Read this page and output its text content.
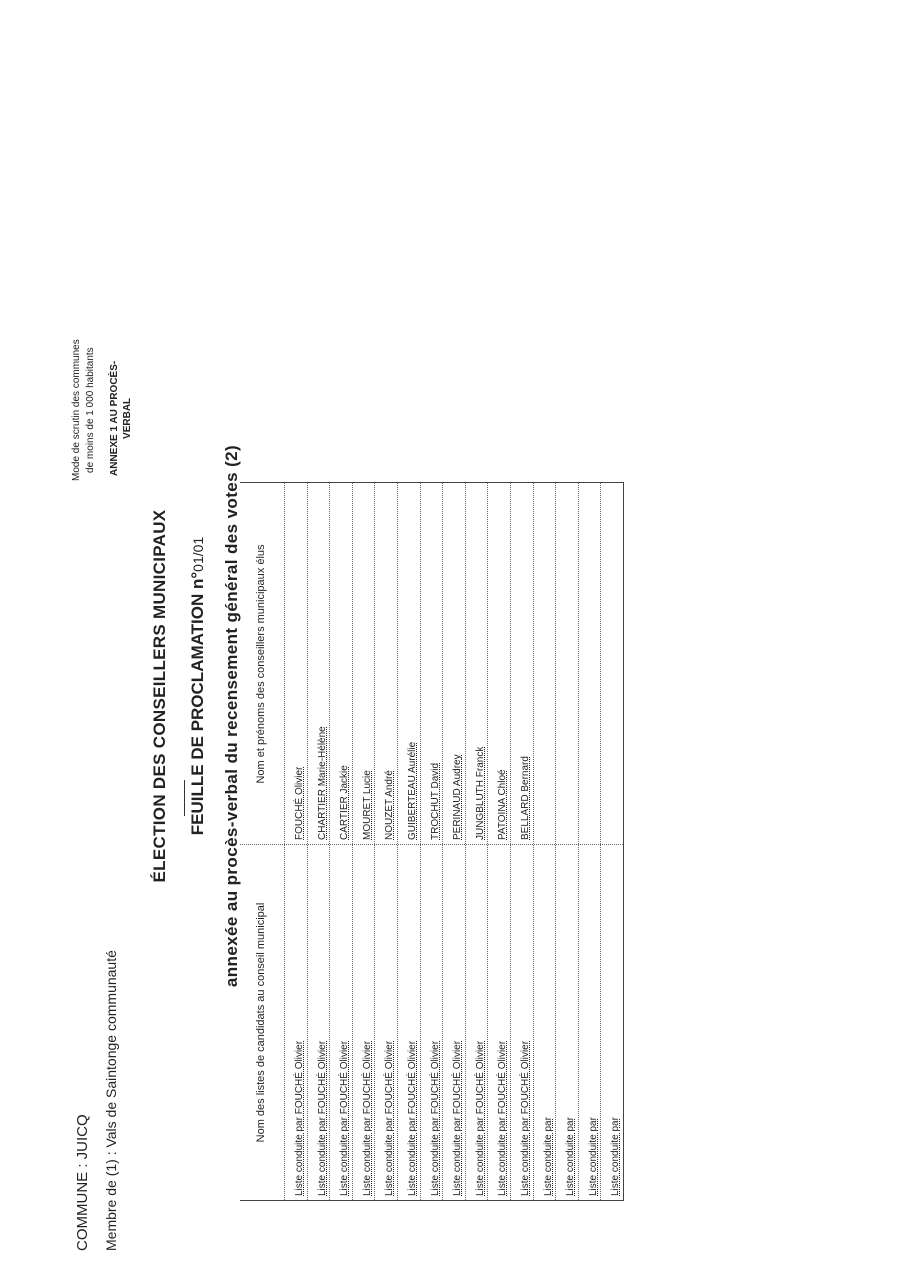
COMMUNE : JUICQ Membre de (1) : Vals de Saintonge communauté
Mode de scrutin des communes de moins de 1 000 habitants ANNEXE 1 AU PROCÈS- VERBAL
ÉLECTION DES CONSEILLERS MUNICIPAUX FEUILLE DE PROCLAMATION n°01/01 annexée au procès-verbal du recensement général des votes (2)
Nom des listes de candidats au conseil municipal
Nom et prénoms des conseillers municipaux élus
Liste conduite par FOUCHÉ Olivier
FOUCHÉ Olivier
Liste conduite par FOUCHÉ Olivier
CHARTIER Marie-Hélène
Liste conduite par FOUCHÉ Olivier
CARTIER Jackie
Liste conduite par FOUCHÉ Olivier
MOURET Lucie
Liste conduite par FOUCHÉ Olivier
NOUZET André
Liste conduite par FOUCHÉ Olivier
GUIBERTEAU Aurélie
Liste conduite par FOUCHÉ Olivier
TROCHUT David
Liste conduite par FOUCHÉ Olivier
PERINAUD Audrey
Liste conduite par FOUCHÉ Olivier
JUNGBLUTH Franck
Liste conduite par FOUCHÉ Olivier
PATOINA Chloé
Liste conduite par FOUCHÉ Olivier
BELLARD Bernard
Liste conduite par Liste conduite par Liste conduite par Liste conduite par
